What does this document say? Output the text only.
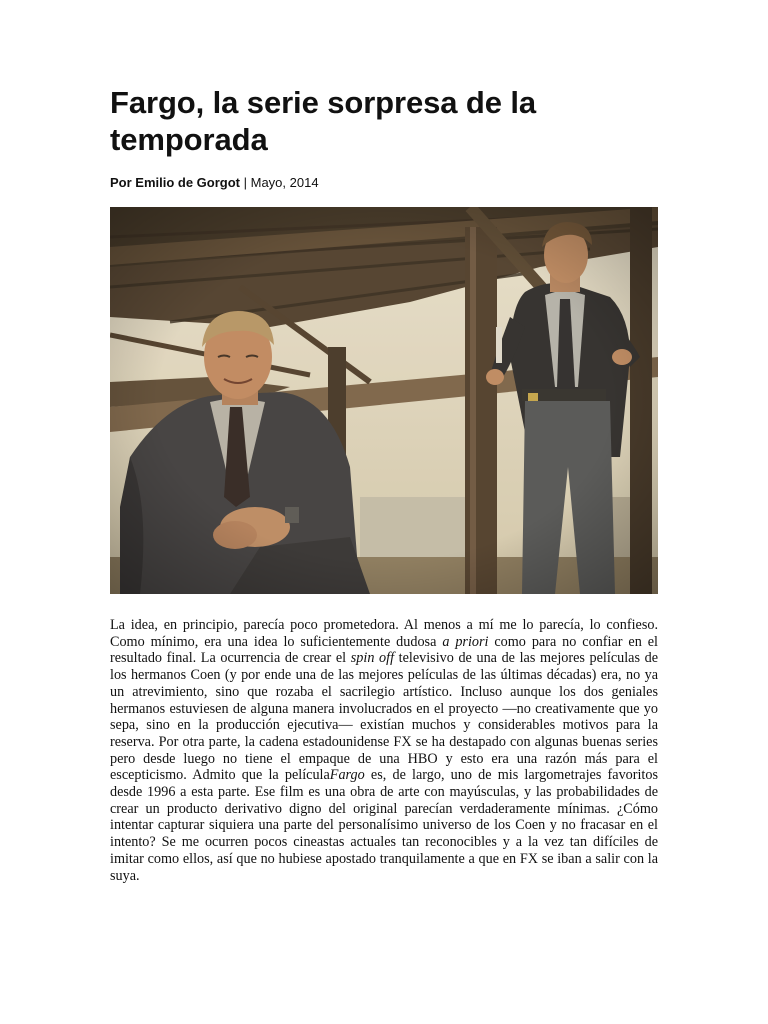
Fargo, la serie sorpresa de la temporada
Por Emilio de Gorgot | Mayo, 2014
La idea, en principio, parecía poco prometedora. Al menos a mí me lo parecía, lo confieso. Como mínimo, era una idea lo suficientemente dudosa a priori como para no confiar en el resultado final. La ocurrencia de crear el spin off televisivo de una de las mejores películas de los hermanos Coen (y por ende una de las mejores películas de las últimas décadas) era, no ya un atrevimiento, sino que rozaba el sacrilegio artístico. Incluso aunque los dos geniales hermanos estuviesen de alguna manera involucrados en el proyecto —no creativamente que yo sepa, sino en la producción ejecutiva— existían muchos y considerables motivos para la reserva. Por otra parte, la cadena estadounidense FX se ha destapado con algunas buenas series pero desde luego no tiene el empaque de una HBO y esto era una razón más para el escepticismo. Admito que la películaFargo es, de largo, uno de mis largometrajes favoritos desde 1996 a esta parte. Ese film es una obra de arte con mayúsculas, y las probabilidades de crear un producto derivativo digno del original parecían verdaderamente mínimas. ¿Cómo intentar capturar siquiera una parte del personalísimo universo de los Coen y no fracasar en el intento? Se me ocurren pocos cineastas actuales tan reconocibles y a la vez tan difíciles de imitar como ellos, así que no hubiese apostado tranquilamente a que en FX se iban a salir con la suya.
